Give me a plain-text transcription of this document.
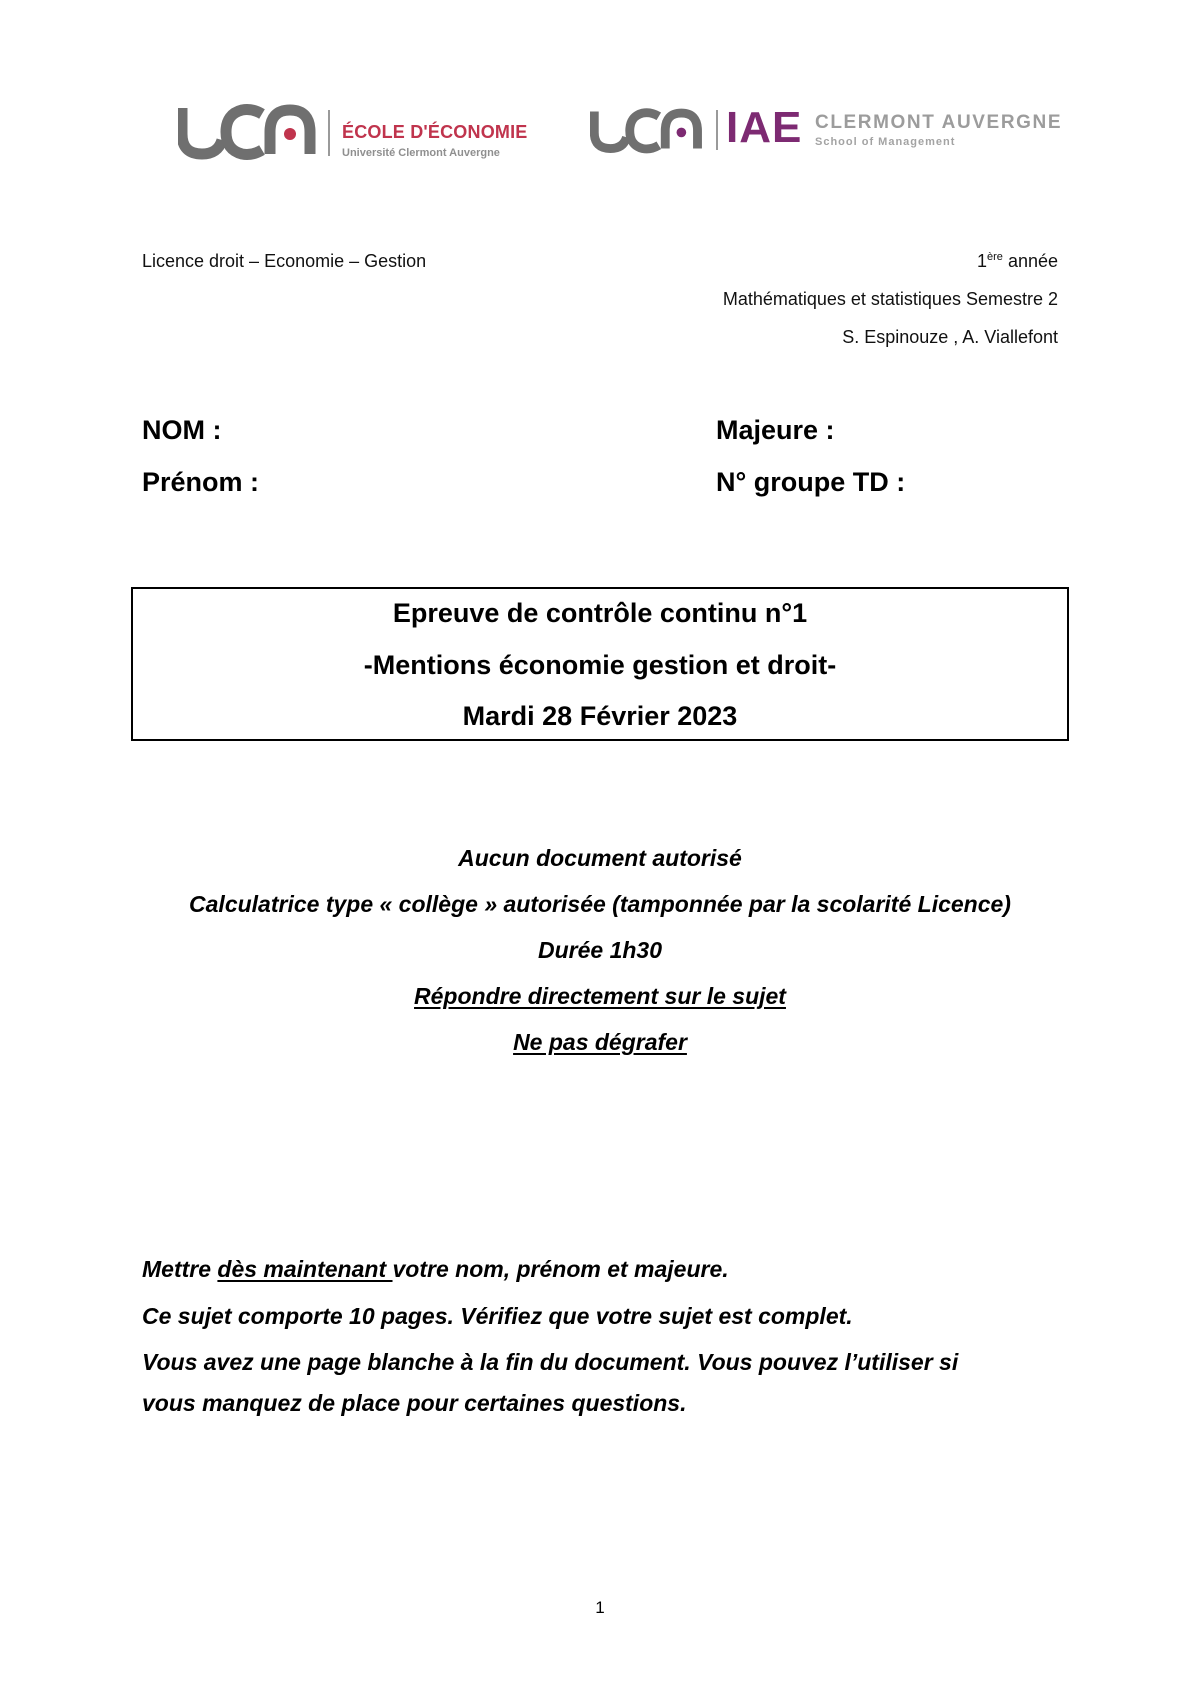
ÉCOLE D'ÉCONOMIE
Université Clermont Auvergne
IAE CLERMONT AUVERGNE
School of Management
Licence droit – Economie – Gestion	1ère année
Mathématiques et statistiques Semestre 2
S. Espinouze , A. Viallefont
NOM :
Prénom :
Majeure :
N° groupe TD :
Epreuve de contrôle continu n°1
-Mentions économie gestion et droit-
Mardi 28 Février 2023
Aucun document autorisé
Calculatrice type « collège » autorisée (tamponnée par la scolarité Licence)
Durée 1h30
Répondre directement sur le sujet
Ne pas dégrafer
Mettre dès maintenant votre nom, prénom et majeure.
Ce sujet comporte 10 pages. Vérifiez que votre sujet est complet.
Vous avez une page blanche à la fin du document. Vous pouvez l’utiliser si
vous manquez de place pour certaines questions.
1
